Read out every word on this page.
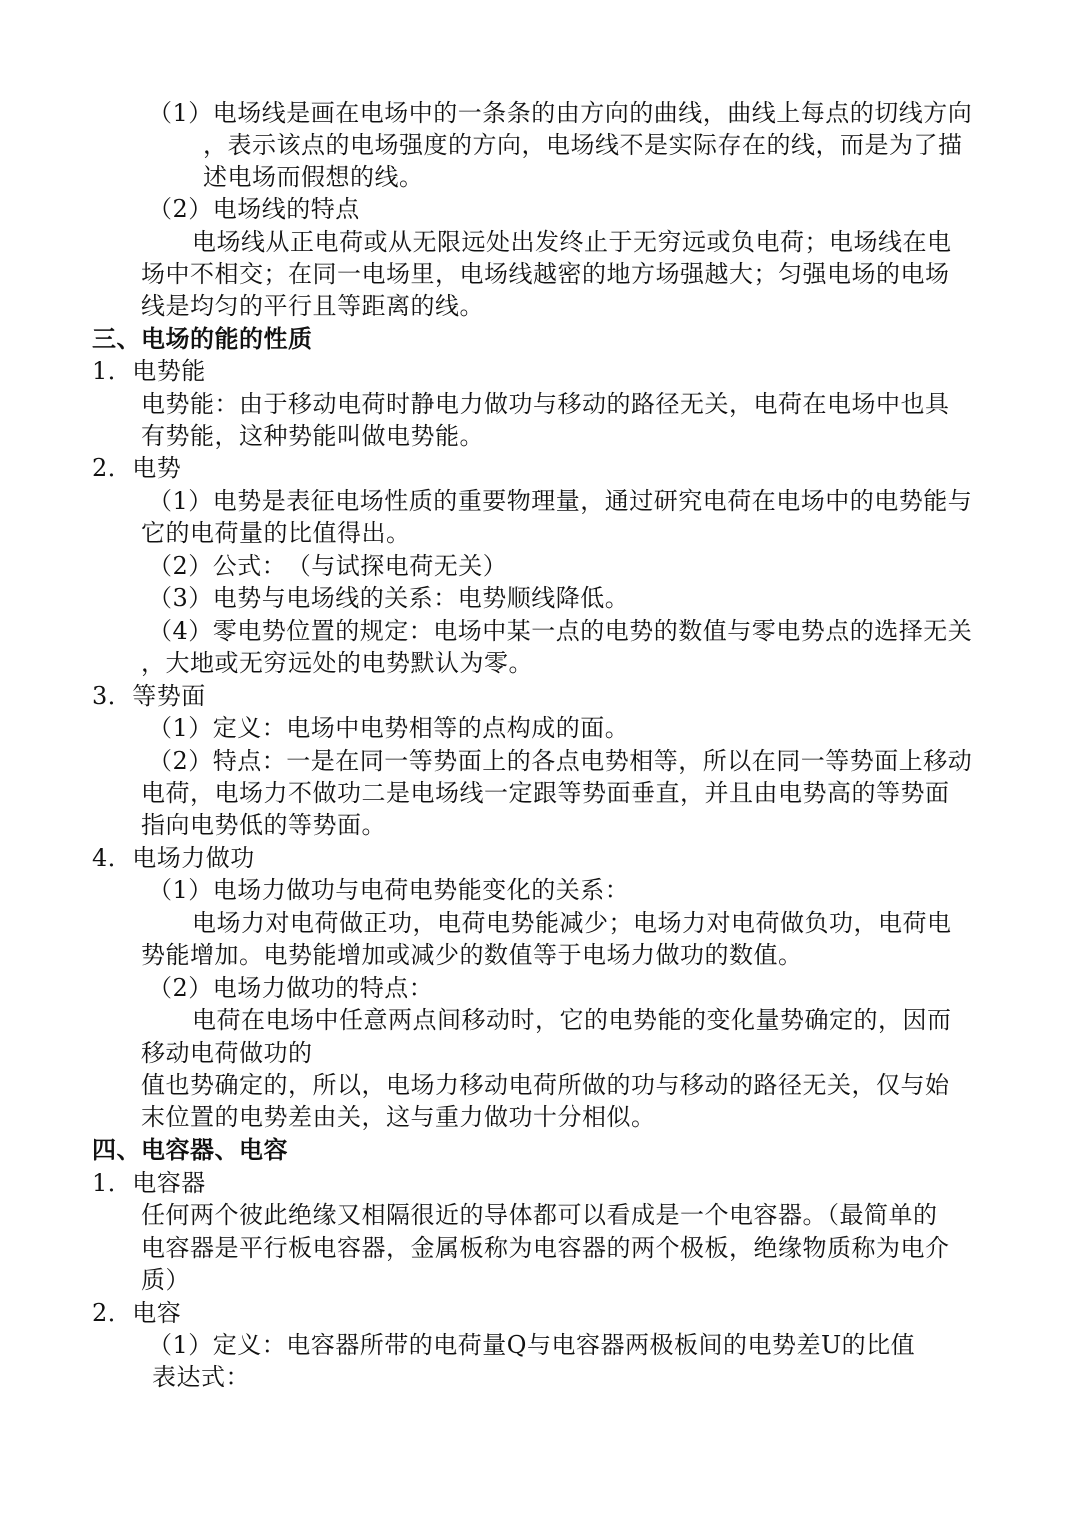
（1）电场线是画在电场中的一条条的由方向的曲线，曲线上每点的切线方向
，表示该点的电场强度的方向，电场线不是实际存在的线，而是为了描
述电场而假想的线。
（2）电场线的特点
电场线从正电荷或从无限远处出发终止于无穷远或负电荷；电场线在电
场中不相交；在同一电场里，电场线越密的地方场强越大；匀强电场的电场
线是均匀的平行且等距离的线。
三、电场的能的性质
1．电势能
电势能：由于移动电荷时静电力做功与移动的路径无关，电荷在电场中也具
有势能，这种势能叫做电势能。
2．电势
（1）电势是表征电场性质的重要物理量，通过研究电荷在电场中的电势能与
它的电荷量的比值得出。
（2）公式：　（与试探电荷无关）
（3）电势与电场线的关系：电势顺线降低。
（4）零电势位置的规定：电场中某一点的电势的数值与零电势点的选择无关
，大地或无穷远处的电势默认为零。
3．等势面
（1）定义：电场中电势相等的点构成的面。
（2）特点：一是在同一等势面上的各点电势相等，所以在同一等势面上移动
电荷，电场力不做功二是电场线一定跟等势面垂直，并且由电势高的等势面
指向电势低的等势面。
4．电场力做功
（1）电场力做功与电荷电势能变化的关系：
电场力对电荷做正功，电荷电势能减少；电场力对电荷做负功，电荷电
势能增加。电势能增加或减少的数值等于电场力做功的数值。
（2）电场力做功的特点：
电荷在电场中任意两点间移动时，它的电势能的变化量势确定的，因而
移动电荷做功的
值也势确定的，所以，电场力移动电荷所做的功与移动的路径无关，仅与始
末位置的电势差由关，这与重力做功十分相似。
四、电容器、电容
1．电容器
任何两个彼此绝缘又相隔很近的导体都可以看成是一个电容器。（最简单的
电容器是平行板电容器，金属板称为电容器的两个极板，绝缘物质称为电介
质）
2．电容
（1）定义：电容器所带的电荷量Q与电容器两极板间的电势差U的比值
表达式：
